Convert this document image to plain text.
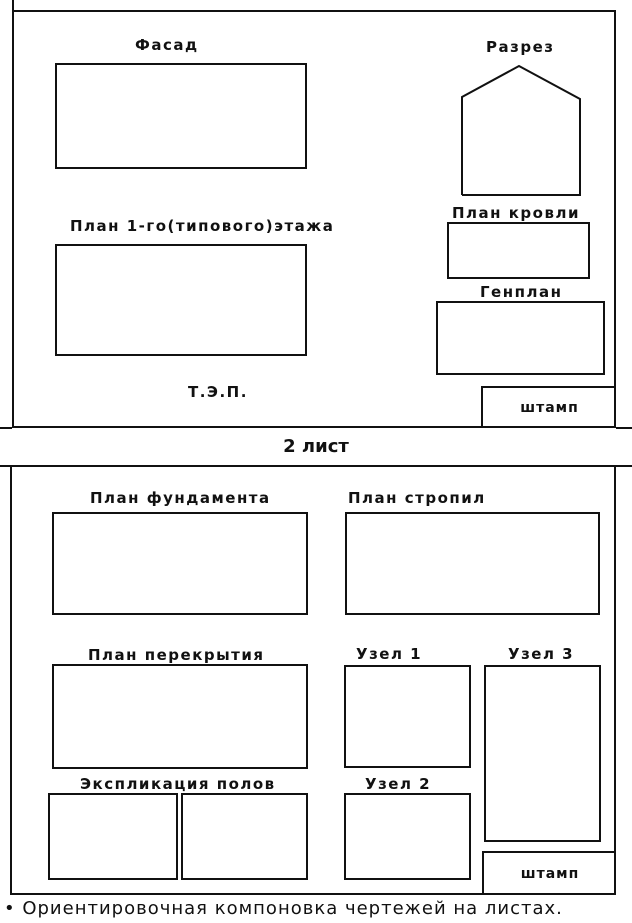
Фасад	Разрез
План 1-го(типового)этажа
План кровли
Генплан
Т.Э.П.
штамп
2 лист
План фундамента	План стропил
План перекрытия	Узел 1	Узел 3
Экспликация полов	Узел 2
штамп
• Ориентировочная компоновка чертежей на листах.
